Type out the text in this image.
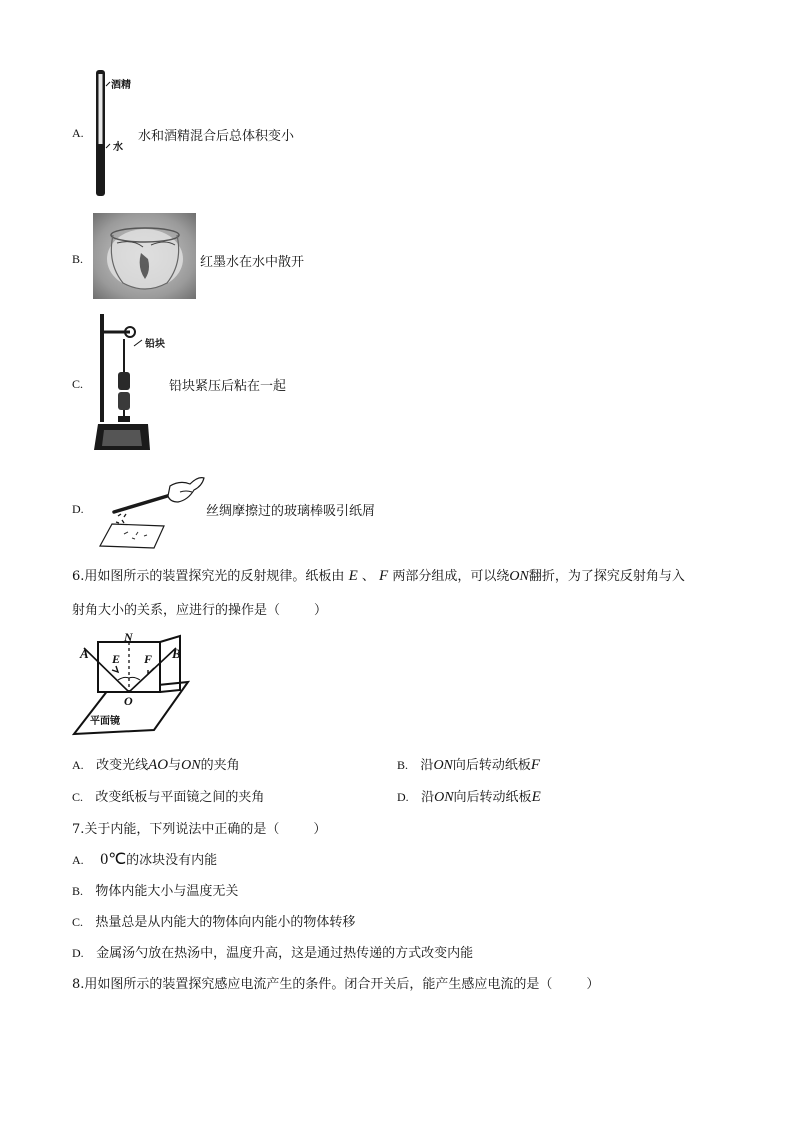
A.
酒精
水
水和酒精混合后总体积变小
B.	红墨水在水中散开
C.
铅块
铅块紧压后粘在一起
D.	丝绸摩擦过的玻璃棒吸引纸屑
6.用如图所示的装置探究光的反射规律。纸板由 E 、 F 两部分组成，可以绕ON翻折，为了探究反射角与入
射角大小的关系，应进行的操作是（	）
A
N
E F B
O
平面镜
A. 改变光线AO与ON的夹角	B. 沿ON向后转动纸板F
C. 改变纸板与平面镜之间的夹角	D. 沿ON向后转动纸板E
7.关于内能，下列说法中正确的是（	）
A. 0℃的冰块没有内能
B. 物体内能大小与温度无关
C. 热量总是从内能大的物体向内能小的物体转移
D. 金属汤勺放在热汤中，温度升高，这是通过热传递的方式改变内能
8.用如图所示的装置探究感应电流产生的条件。闭合开关后，能产生感应电流的是（	）
